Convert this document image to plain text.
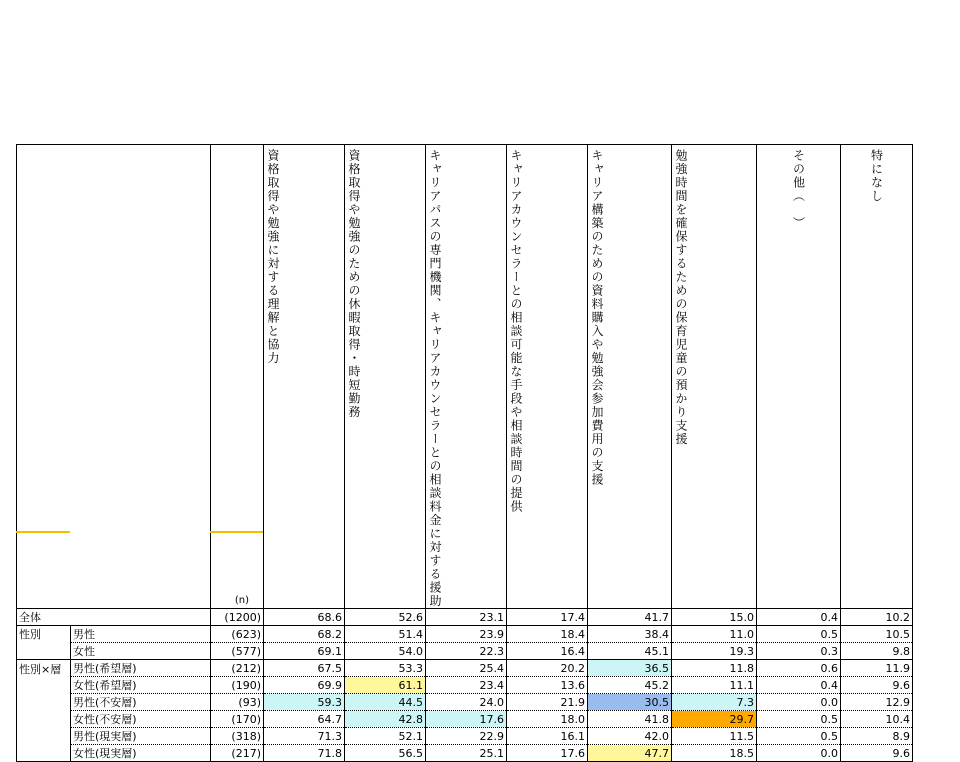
		(n)	資格取得や勉強に対する理解と協力	資格取得や勉強のための休暇取得・時短勤務	キャリアパスの専門機関、キャリアカウンセラーとの相談料金に対する援助	キャリアカウンセラーとの相談可能な手段や相談時間の提供	キャリア構築のための資料購入や勉強会参加費用の支援	勉強時間を確保するための保育児童の預かり支援	その他（　）	特になし

全体		(1200)	68.6	52.6	23.1	17.4	41.7	15.0	0.4	10.2
性別	男性	(623)	68.2	51.4	23.9	18.4	38.4	11.0	0.5	10.5
	女性	(577)	69.1	54.0	22.3	16.4	45.1	19.3	0.3	9.8

性別×層	男性(希望層)	(212)	67.5	53.3	25.4	20.2	36.5	11.8	0.6	11.9
	女性(希望層)	(190)	69.9	61.1	23.4	13.6	45.2	11.1	0.4	9.6
	男性(不安層)	(93)	59.3	44.5	24.0	21.9	30.5	7.3	0.0	12.9
	女性(不安層)	(170)	64.7	42.8	17.6	18.0	41.8	29.7	0.5	10.4
	男性(現実層)	(318)	71.3	52.1	22.9	16.1	42.0	11.5	0.5	8.9
	女性(現実層)	(217)	71.8	56.5	25.1	17.6	47.7	18.5	0.0	9.6
